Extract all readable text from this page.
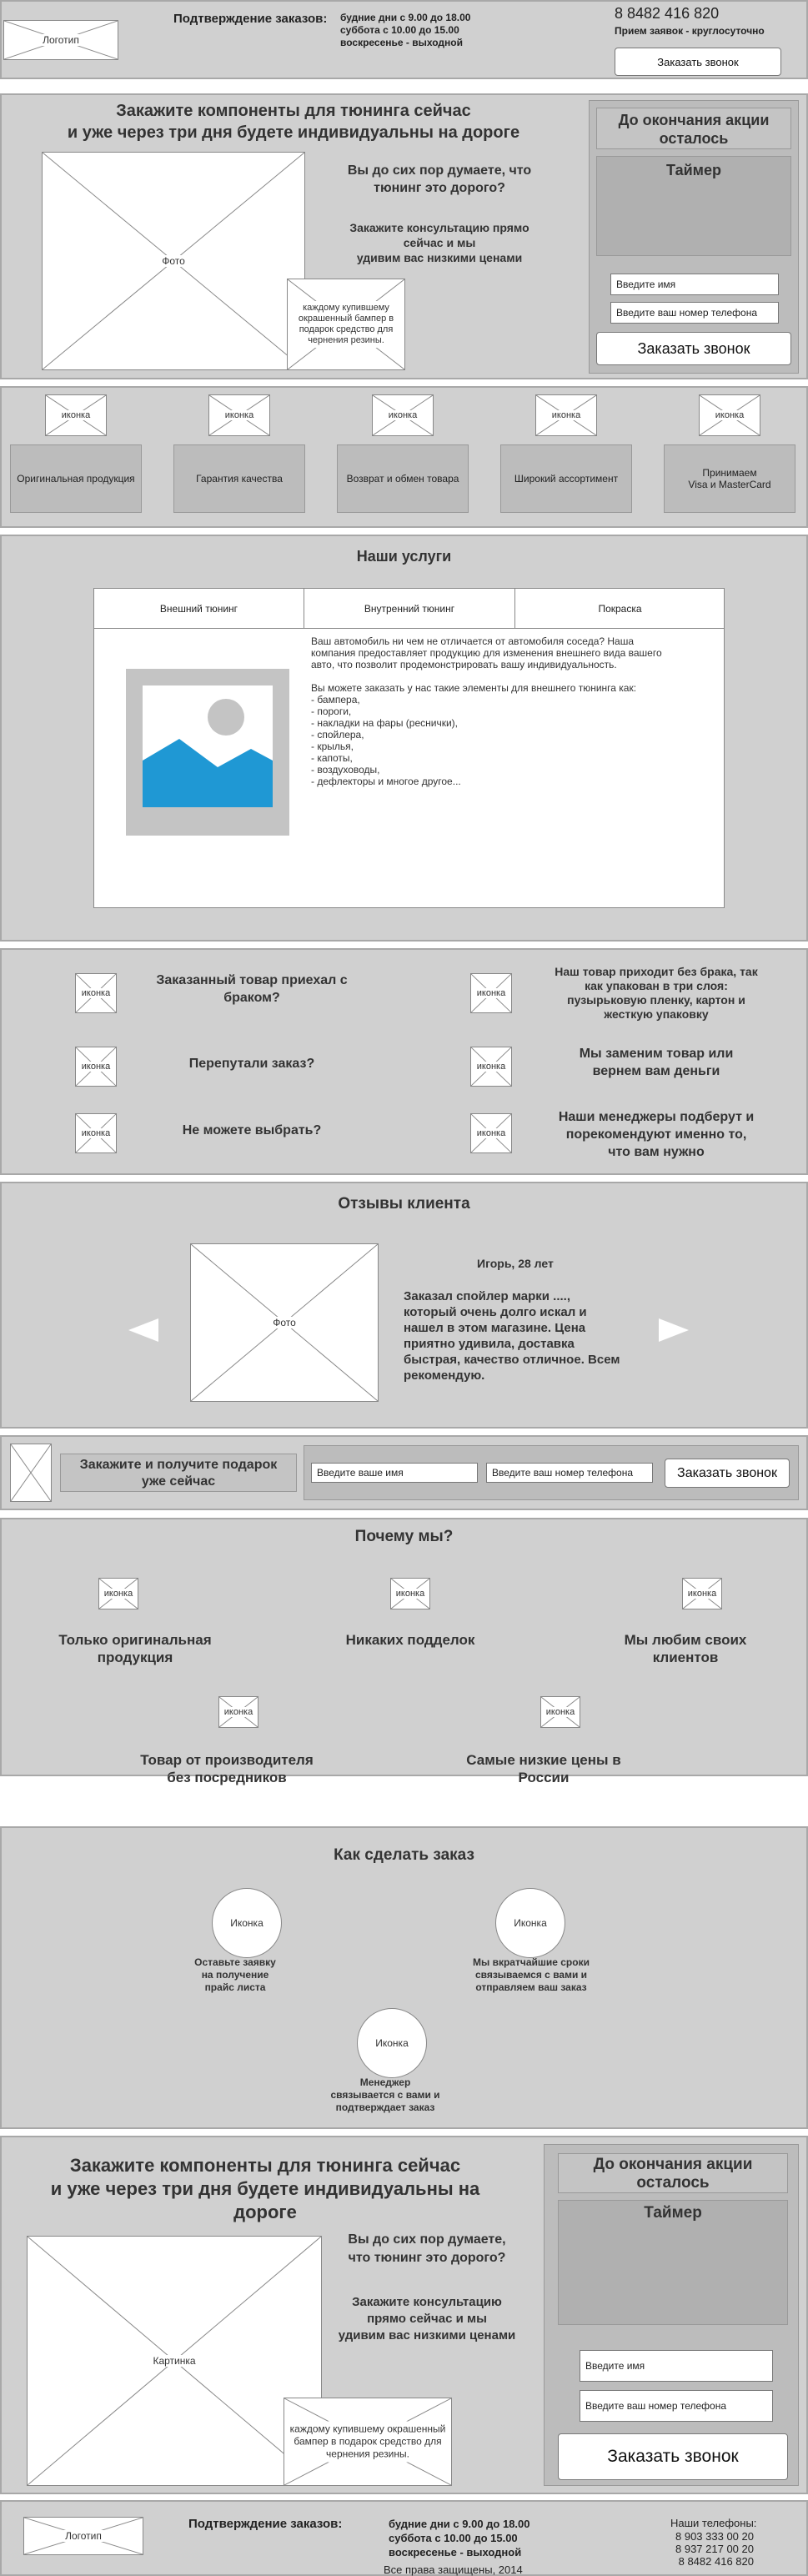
Логотип
Подтверждение заказов: будние дни с 9.00 до 18.00
суббота с 10.00 до 15.00
воскресенье - выходной
8 8482 416 820
Прием заявок - круглосуточно
Заказать звонок
Закажите компоненты для тюнинга сейчас
и уже через три дня будете индивидуальны на дороге
Фото
Вы до сих пор думаете, что
тюнинг это дорого?
Закажите консультацию прямо
сейчас и мы
удивим вас низкими ценами
каждому купившему окрашенный бампер в подарок средство для чернения резины.
До окончания акции
осталось
Таймер
Введите имя
Введите ваш номер телефона
Заказать звонок
иконка
Оригинальная продукция
иконка
Гарантия качества
иконка
Возврат и обмен товара
иконка
Широкий ассортимент
иконка
Принимаем
Visa и MasterCard
Наши услуги
Внешний тюнинг	Внутренний тюнинг	Покраска
Ваш автомобиль ни чем не отличается от автомобиля соседа? Наша компания предоставляет продукцию для изменения внешнего вида вашего авто, что позволит продемонстрировать вашу индивидуальность.

Вы можете заказать у нас такие элементы для внешнего тюнинга как:
- бампера,
- пороги,
- накладки на фары (реснички),
- спойлера,
- крылья,
- капоты,
- воздуховоды,
- дефлекторы и многое другое...
иконка
Заказанный товар приехал с
браком?
иконка	Перепутали заказ?
иконка	Не можете выбрать?
иконка
Наш товар приходит без брака, так
как упакован в три слоя:
пузырьковую пленку, картон и
жесткую упаковку
иконка
Мы заменим товар или
вернем вам деньги
иконка
Наши менеджеры подберут и
порекомендуют именно то,
что вам нужно
Отзывы клиента
Фото
Игорь, 28 лет
Заказал спойлер марки ....,
который очень долго искал и
нашел в этом магазине. Цена
приятно удивила, доставка
быстрая, качество отличное. Всем
рекомендую.
Закажите и получите подарок
уже сейчас
Введите ваше имя
Введите ваш номер телефона
Заказать звонок
Почему мы?
иконка
Только оригинальная
продукция
иконка
Никаких подделок
иконка
Мы любим своих
клиентов
иконка
Товар от производителя
без посредников
иконка
Самые низкие цены в
России
Как сделать заказ
Иконка
Оставьте заявку
на получение
прайс листа
Иконка
Мы вкратчайшие сроки
связываемся с вами и
отправляем ваш заказ
Иконка
Менеджер
связывается с вами и
подтверждает заказ
Закажите компоненты для тюнинга сейчас
и уже через три дня будете индивидуальны на
дороге
Картинка
Вы до сих пор думаете,
что тюнинг это дорого?
Закажите консультацию
прямо сейчас и мы
удивим вас низкими ценами
каждому купившему окрашенный бампер в подарок средство для чернения резины.
До окончания акции
осталось
Таймер
Введите имя
Введите ваш номер телефона
Заказать звонок
Логотип
Подтверждение заказов:	будние дни с 9.00 до 18.00
суббота с 10.00 до 15.00
воскресенье - выходной
Все права защищены, 2014
Наши телефоны:
8 903 333 00 20
8 937 217 00 20
8 8482 416 820
